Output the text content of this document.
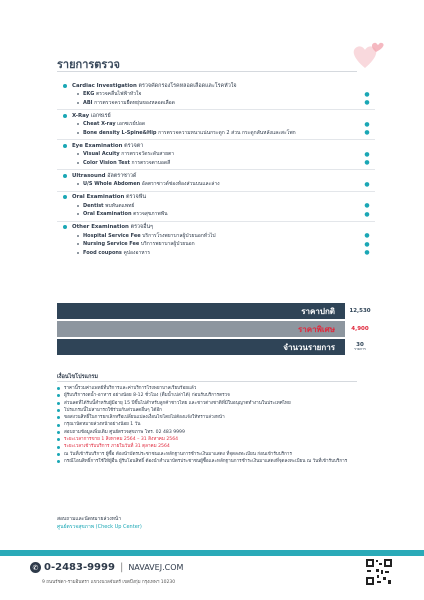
รายการตรวจ
Cardiac Investigation ตรวจคัดกรองโรคหลอดเลือดและโรคหัวใจ
EKG ตรวจคลื่นไฟฟ้าหัวใจ	●
ABI การตรวจความยืดหยุ่นของหลอดเลือด	●
X-Ray เอกซเรย์
Cheat X-ray เอกซเรย์ปอด	●
Bone density L-Spine&Hip การตรวจความหนาแน่นกระดูก 2 ส่วน กระดูกสันหลังและสะโพก	●
Eye Examination ตรวจตา
Visual Acuity การตรวจวัดระดับสายตา	●
Color Vision Test การตรวจตาบอดสี	●
Ultrasound อัลตราซาวด์
U/S Whole Abdomen อัลตราซาวด์ช่องท้องส่วนบนและล่าง	●
Oral Examination ตรวจฟัน
Dentist พบทันตแพทย์	●
Oral Examination ตรวจสุขภาพฟัน	●
Other Examination ตรวจอื่นๆ
Hospital Service Fee บริการโรงพยาบาลผู้ป่วยนอกทั่วไป	●
Nursing Service Fee บริการพยาบาลผู้ป่วยนอก	●
Food coupons คูปองอาหาร	●
ราคาปกติ	12,530
ราคาพิเศษ	4,900
จำนวนรายการ	30
รายการ
เงื่อนไขโปรแกรม
ราคานี้รวมค่าแพทย์ที่บริการและค่าบริการโรงพยาบาลเรียบร้อยแล้ว
ผู้รับบริการงดน้ำ-อาหาร อย่างน้อย 8-12 ชั่วโมง (ดื่มน้ำเปล่าได้) ก่อนรับบริการตรวจ
ส่วนลดที่ได้รับนี้สำหรับผู้มีอายุ 15 ปีขึ้นไปสำหรับลูกค้าชาวไทย และชาวต่างชาติที่มีใบอนุญาตทำงานในประเทศไทย
โปรแกรมนี้ไม่สามารถใช้ร่วมกับส่วนลดอื่นๆ ได้อีก
ขอสงวนสิทธิ์ในการยกเลิกหรือเปลี่ยนแปลงเงื่อนไขโดยไม่ต้องแจ้งให้ทราบล่วงหน้า
กรุณานัดหมายล่วงหน้าอย่างน้อย 1 วัน
สอบถามข้อมูลเพิ่มเติม ศูนย์ตรวจสุขภาพ โทร. 02 483 9999
ระยะเวลาการขาย 1 สิงหาคม 2564 – 31 สิงหาคม 2564
ระยะเวลาเข้ารับบริการ ภายในวันที่ 31 ตุลาคม 2564
ณ วันที่เข้ารับบริการ ผู้ซื้อ ต้องนำบัตรประชาชนและหลักฐานการชำระเงินมาแสดง ที่จุดลงทะเบียน ก่อนเข้ารับบริการ
กรณีโอนสิทธิ์การใช้ให้ผู้อื่น ผู้รับโอนสิทธิ์ ต้องนำสำเนาบัตรประชาชนผู้ซื้อและหลักฐานการชำระเงินมาแสดงที่จุดลงทะเบียน ณ วันที่เข้ารับบริการ
สอบถามและนัดหมายล่วงหน้า
ศูนย์ตรวจสุขภาพ (Check Up Center)
✆ 0-2483-9999 | NAVAVEJ.COM
9 ถนนรัชดา-รามอินทรา แขวงนวลจันทร์ เขตบึงกุ่ม กรุงเทพฯ 10230
